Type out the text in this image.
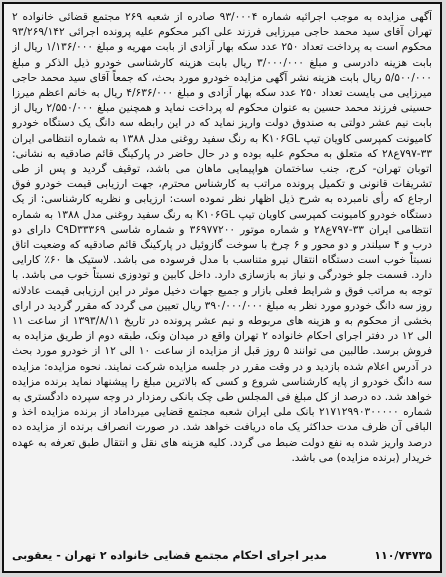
آگهی مزایده به موجب اجرائیه شماره ۹۳/۰۰۰۴ صادره از شعبه ۲۶۹ مجتمع قضائی خانواده ۲ تهران آقای سید محمد حاجی میرزایی فرزند علی اکبر محکوم علیه پرونده اجرائی ۹۳/۲۶۹/۱۴۲ محکوم است به پرداخت تعداد ۲۵۰ عدد سکه بهار آزادی از بابت مهریه و مبلغ ۱/۱۳۶/۰۰۰ ریال از بابت هزینه دادرسی و مبلغ ۳/۰۰۰/۰۰۰ ریال بابت هزینه کارشناسی خودرو ذیل الذکر و مبلغ ۵/۵۰۰/۰۰۰ ریال بابت هزینه نشر آگهی مزایده خودرو مورد بحث، که جمعاً آقای سید محمد حاجی میرزایی می بایست تعداد ۲۵۰ عدد سکه بهار آزادی و مبلغ ۴/۶۳۶/۰۰۰ ریال به خانم اعظم میرزا حسینی فرزند محمد حسین به عنوان محکوم له پرداخت نماید و همچنین مبلغ ۲/۵۵۰/۰۰۰ ریال از بابت نیم عشر دولتی به صندوق دولت واریز نماید که در این رابطه سه دانگ یک دستگاه خودرو کامیونت کمپرسی کاویان تیپ K۱۰۶GL به رنگ سفید روغنی مدل ۱۳۸۸ به شماره انتظامی ایران ۳۳-۷۹۷ع۲۸ که متعلق به محکوم علیه بوده و در حال حاضر در پارکینگ قائم صادقیه به نشانی: اتوبان تهران- کرج، جنب ساختمان هواپیمایی ماهان می باشد، توقیف گردید و پس از طی تشریفات قانونی و تکمیل پرونده مراتب به کارشناس محترم، جهت ارزیابی قیمت خودرو فوق ارجاع که رأی نامبرده به شرح ذیل اظهار نظر نموده است: ارزیابی و نظریه کارشناسی: از یک دستگاه خودرو کامیونت کمپرسی کاویان تیپ K۱۰۶GL به رنگ سفید روغنی مدل ۱۳۸۸ به شماره انتظامی ایران ۳۳-۷۹۷ع۲۸ و شماره موتور ۳۶۹۷۷۲۰۰ و شماره شاسی C۹D۳۳۳۶۹ دارای دو درب و ۴ سیلندر و دو محور و ۶ چرخ با سوخت گازوئیل در پارکینگ قائم صادقیه که وضعیت اتاق نسبتاً خوب است دستگاه انتقال نیرو متناسب با مدل فرسوده می باشد. لاستیک ها ۶۰٪ کارایی دارد. قسمت جلو خودرگی و نیاز به بازسازی دارد. داخل کابین و تودوزی نسبتاً خوب می باشد. با توجه به مراتب فوق و شرایط فعلی بازار و جمیع جهات دخیل موثر در این ارزیابی قیمت عادلانه روز سه دانگ خودرو مورد نظر به مبلغ ۳۹۰/۰۰۰/۰۰۰ ریال تعیین می گردد که مقرر گردید در ارای بخشی از محکوم به و هزینه های مربوطه و نیم عشر پرونده در تاریخ ۱۳۹۳/۸/۱۱ از ساعت ۱۱ الی ۱۲ در دفتر اجرای احکام خانواده ۲ تهران واقع در میدان ونک، طبقه دوم از طریق مزایده به فروش برسد. طالبین می توانند ۵ روز قبل از مزایده از ساعت ۱۰ الی ۱۲ از خودرو مورد بحث در آدرس اعلام شده بازدید و در وقت مقرر در جلسه مزایده شرکت نمایند. نحوه مزایده: مزایده سه دانگ خودرو از پایه کارشناسی شروع و کسی که بالاترین مبلغ را پیشنهاد نماید برنده مزایده خواهد شد. ده درصد از کل مبلغ فی المجلس طی چک بانکی رمزدار در وجه سپرده دادگستری به شماره ۲۱۷۱۲۹۹۰۳۰۰۰۰۰ بانک ملی ایران شعبه مجتمع قضایی میرداماد از برنده مزایده اخذ و الباقی آن ظرف مدت حداکثر یک ماه دریافت خواهد شد. در صورت انصراف برنده از مزایده ده درصد واریز شده به نفع دولت ضبط می گردد. کلیه هزینه های نقل و انتقال طبق تعرفه به عهده خریدار (برنده مزایده) می باشد.
مدیر اجرای احکام مجتمع قضایی خانواده ۲ تهران - یعقوبی	۱۱۰/۷۴۷۳۵
